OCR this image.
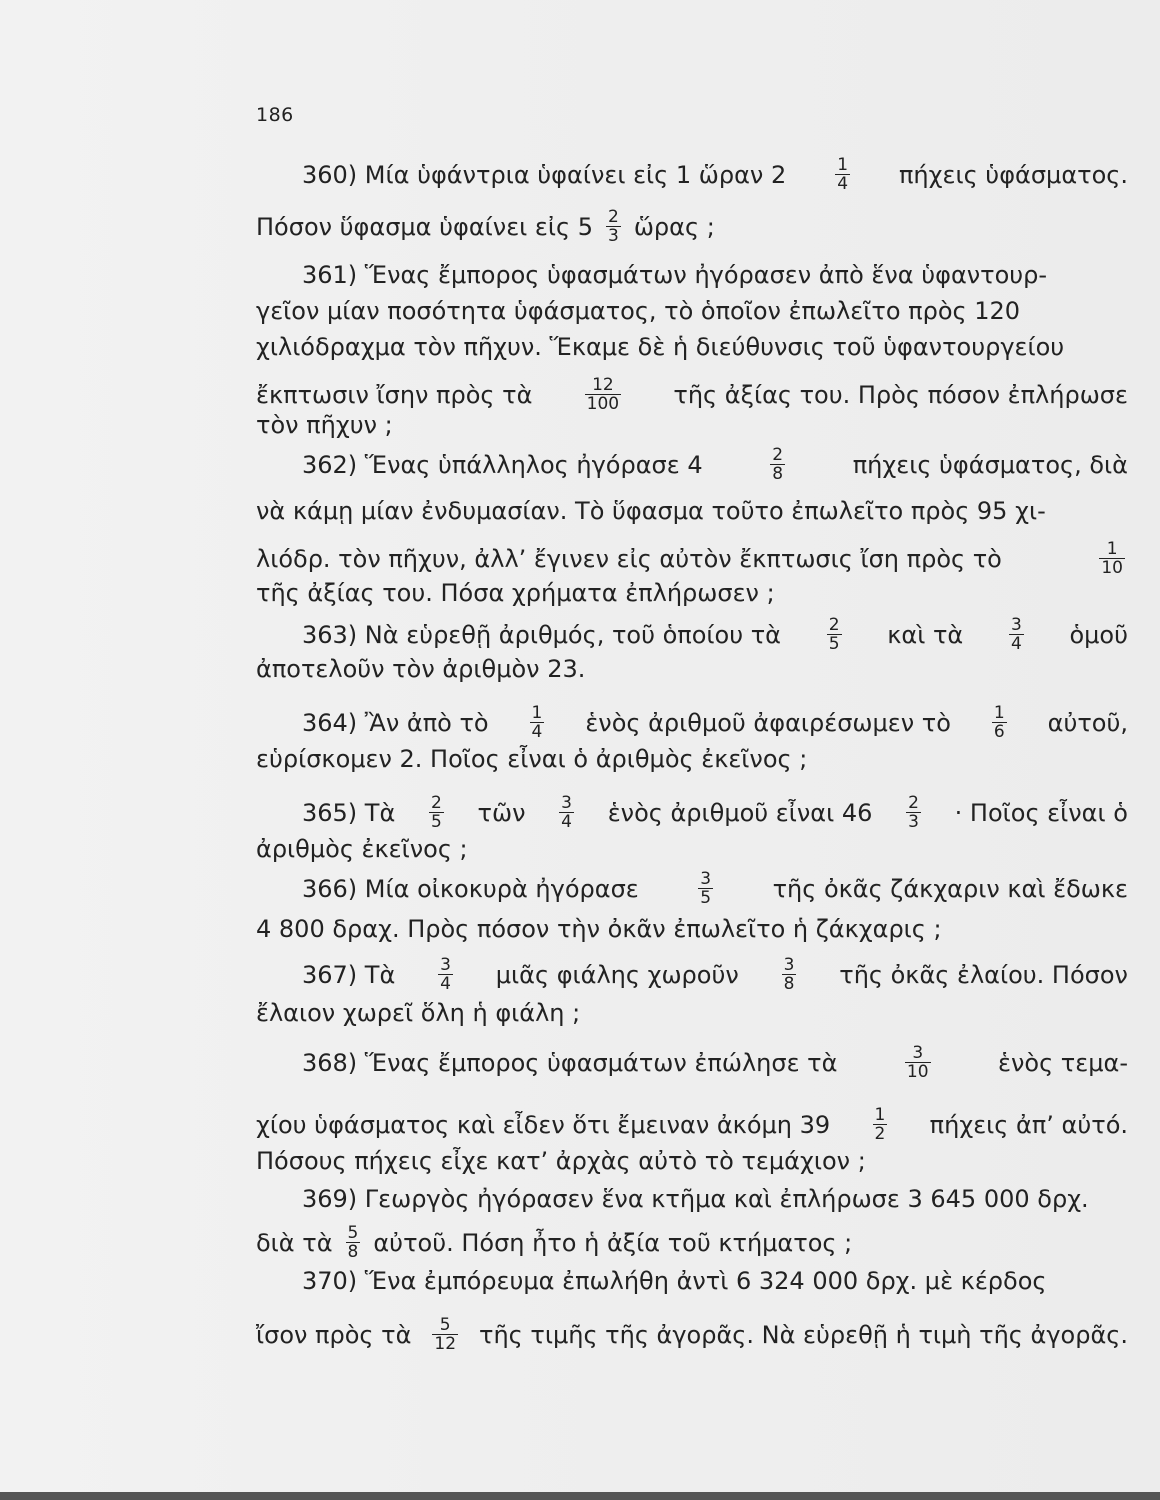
186
360) Μία ὑφάντρια ὑφαίνει εἰς 1 ὥραν 2	$\frac{1}{4}$ πήχεις ὑφάσματος.
Πόσον ὕφασμα ὑφαίνει εἰς $5 \frac{2}{3}$ ὥρας ;
361) Ἕνας ἔμπορος ὑφασμάτων ἠγόρασεν ἀπὸ ἕνα ὑφαντουρ-
γεῖον μίαν ποσότητα ὑφάσματος, τὸ ὁποῖον ἐπωλεῖτο πρὸς 120
χιλιόδραχμα τὸν πῆχυν. Ἕκαμε δὲ ἡ διεύθυνσις τοῦ ὑφαντουργείου
ἔκπτωσιν ἴσην πρὸς τὰ	$\frac{12}{100}$ τῆς ἀξίας του. Πρὸς πόσον ἐπλήρωσε
τὸν πῆχυν ;
362) Ἕνας ὑπάλληλος ἠγόρασε 4	$\frac{2}{8}$	πήχεις ὑφάσματος, διὰ
νὰ κάμῃ μίαν ἐνδυμασίαν. Τὸ ὕφασμα τοῦτο ἐπωλεῖτο πρὸς 95 χι-
λιόδρ. τὸν πῆχυν, ἀλλ’ ἔγινεν εἰς αὐτὸν ἔκπτωσις ἴση πρὸς τὸ	$\frac{1}{10}$
τῆς ἀξίας του. Πόσα χρήματα ἐπλήρωσεν ;
363) Νὰ εὑρεθῇ ἀριθμός, τοῦ ὁποίου τὰ	$\frac{2}{5}$ καὶ τὰ	$\frac{3}{4}$ ὁμοῦ
ἀποτελοῦν τὸν ἀριθμὸν 23.
364) Ἂν ἀπὸ τὸ $\frac{1}{4}$ ἑνὸς ἀριθμοῦ ἀφαιρέσωμεν τὸ $\frac{1}{6}$ αὐτοῦ,
εὑρίσκομεν 2. Ποῖος εἶναι ὁ ἀριθμὸς ἐκεῖνος ;
365) Τὰ $\frac{2}{5}$ τῶν $\frac{3}{4}$ ἑνὸς ἀριθμοῦ εἶναι $46 \frac{2}{3}$ · Ποῖος εἶναι ὁ
ἀριθμὸς ἐκεῖνος ;
366) Μία οἰκοκυρὰ ἠγόρασε	$\frac{3}{5}$ τῆς ὀκᾶς ζάκχαριν καὶ ἔδωκε
4 800 δραχ. Πρὸς πόσον τὴν ὀκᾶν ἐπωλεῖτο ἡ ζάκχαρις ;
367) Τὰ	$\frac{3}{4}$ μιᾶς φιάλης χωροῦν	$\frac{3}{8}$ τῆς ὀκᾶς ἐλαίου. Πόσον
ἔλαιον χωρεῖ ὅλη ἡ φιάλη ;
368) Ἕνας ἔμπορος ὑφασμάτων ἐπώλησε τὰ	$\frac{3}{10}$	ἑνὸς τεμα-
χίου ὑφάσματος καὶ εἶδεν ὅτι ἔμειναν ἀκόμη $39 \frac{1}{2}$ πήχεις ἀπ’ αὐτό.
Πόσους πήχεις εἶχε κατ’ ἀρχὰς αὐτὸ τὸ τεμάχιον ;
369) Γεωργὸς ἠγόρασεν ἕνα κτῆμα καὶ ἐπλήρωσε 3 645 000 δρχ.
διὰ τὰ $\frac{5}{8}$ αὐτοῦ. Πόση ἦτο ἡ ἀξία τοῦ κτήματος ;
370) Ἕνα ἐμπόρευμα ἐπωλήθη ἀντὶ 6 324 000 δρχ. μὲ κέρδος
ἴσον πρὸς τὰ $\frac{5}{12}$ τῆς τιμῆς τῆς ἀγορᾶς. Νὰ εὑρεθῇ ἡ τιμὴ τῆς ἀγορᾶς.
